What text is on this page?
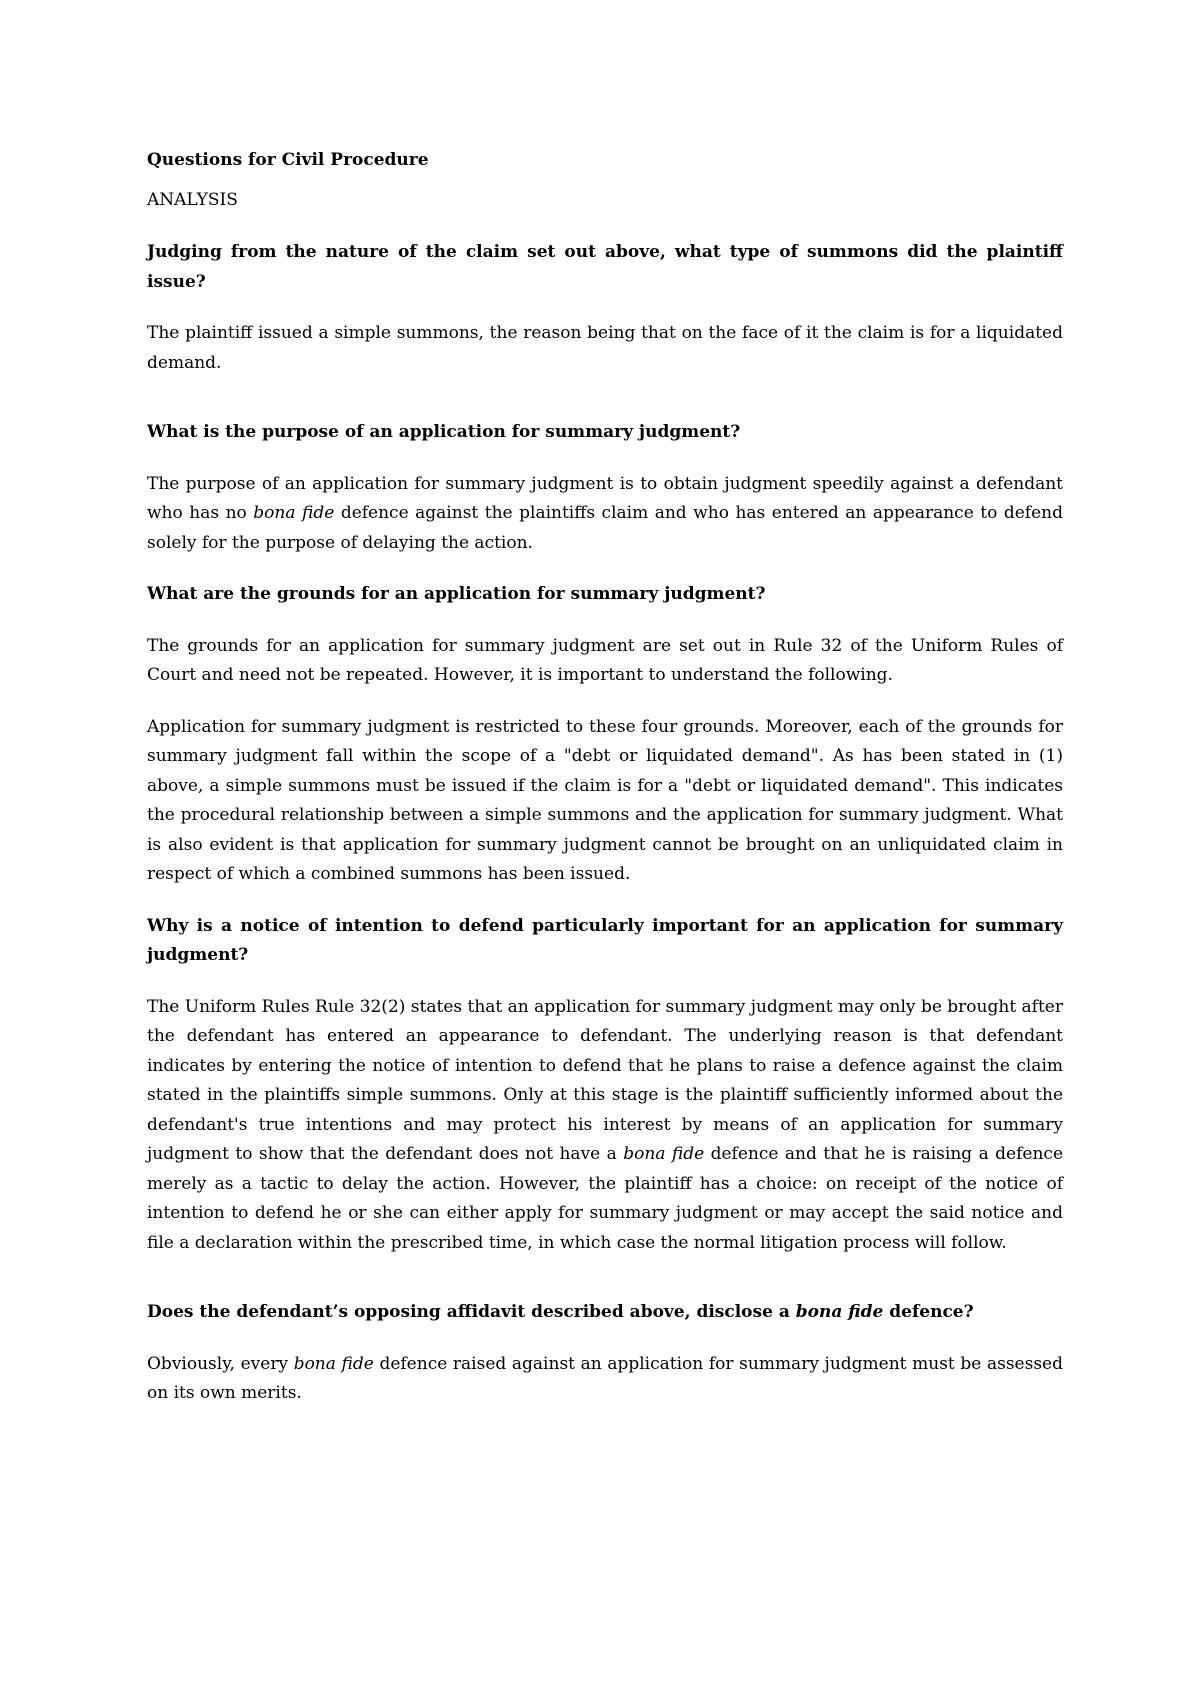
Questions for Civil Procedure

ANALYSIS

Judging from the nature of the claim set out above, what type of summons did the plaintiff issue?

The plaintiff issued a simple summons, the reason being that on the face of it the claim is for a liquidated demand.

What is the purpose of an application for summary judgment?

The purpose of an application for summary judgment is to obtain judgment speedily against a defendant who has no bona fide defence against the plaintiffs claim and who has entered an appearance to defend solely for the purpose of delaying the action.

What are the grounds for an application for summary judgment?

The grounds for an application for summary judgment are set out in Rule 32 of the Uniform Rules of Court and need not be repeated. However, it is important to understand the following.

Application for summary judgment is restricted to these four grounds. Moreover, each of the grounds for summary judgment fall within the scope of a "debt or liquidated demand". As has been stated in (1) above, a simple summons must be issued if the claim is for a "debt or liquidated demand". This indicates the procedural relationship between a simple summons and the application for summary judgment. What is also evident is that application for summary judgment cannot be brought on an unliquidated claim in respect of which a combined summons has been issued.

Why is a notice of intention to defend particularly important for an application for summary judgment?

The Uniform Rules Rule 32(2) states that an application for summary judgment may only be brought after the defendant has entered an appearance to defendant. The underlying reason is that defendant indicates by entering the notice of intention to defend that he plans to raise a defence against the claim stated in the plaintiffs simple summons. Only at this stage is the plaintiff sufficiently informed about the defendant's true intentions and may protect his interest by means of an application for summary judgment to show that the defendant does not have a bona fide defence and that he is raising a defence merely as a tactic to delay the action. However, the plaintiff has a choice: on receipt of the notice of intention to defend he or she can either apply for summary judgment or may accept the said notice and file a declaration within the prescribed time, in which case the normal litigation process will follow.

Does the defendant’s opposing affidavit described above, disclose a bona fide defence?

Obviously, every bona fide defence raised against an application for summary judgment must be assessed on its own merits.
